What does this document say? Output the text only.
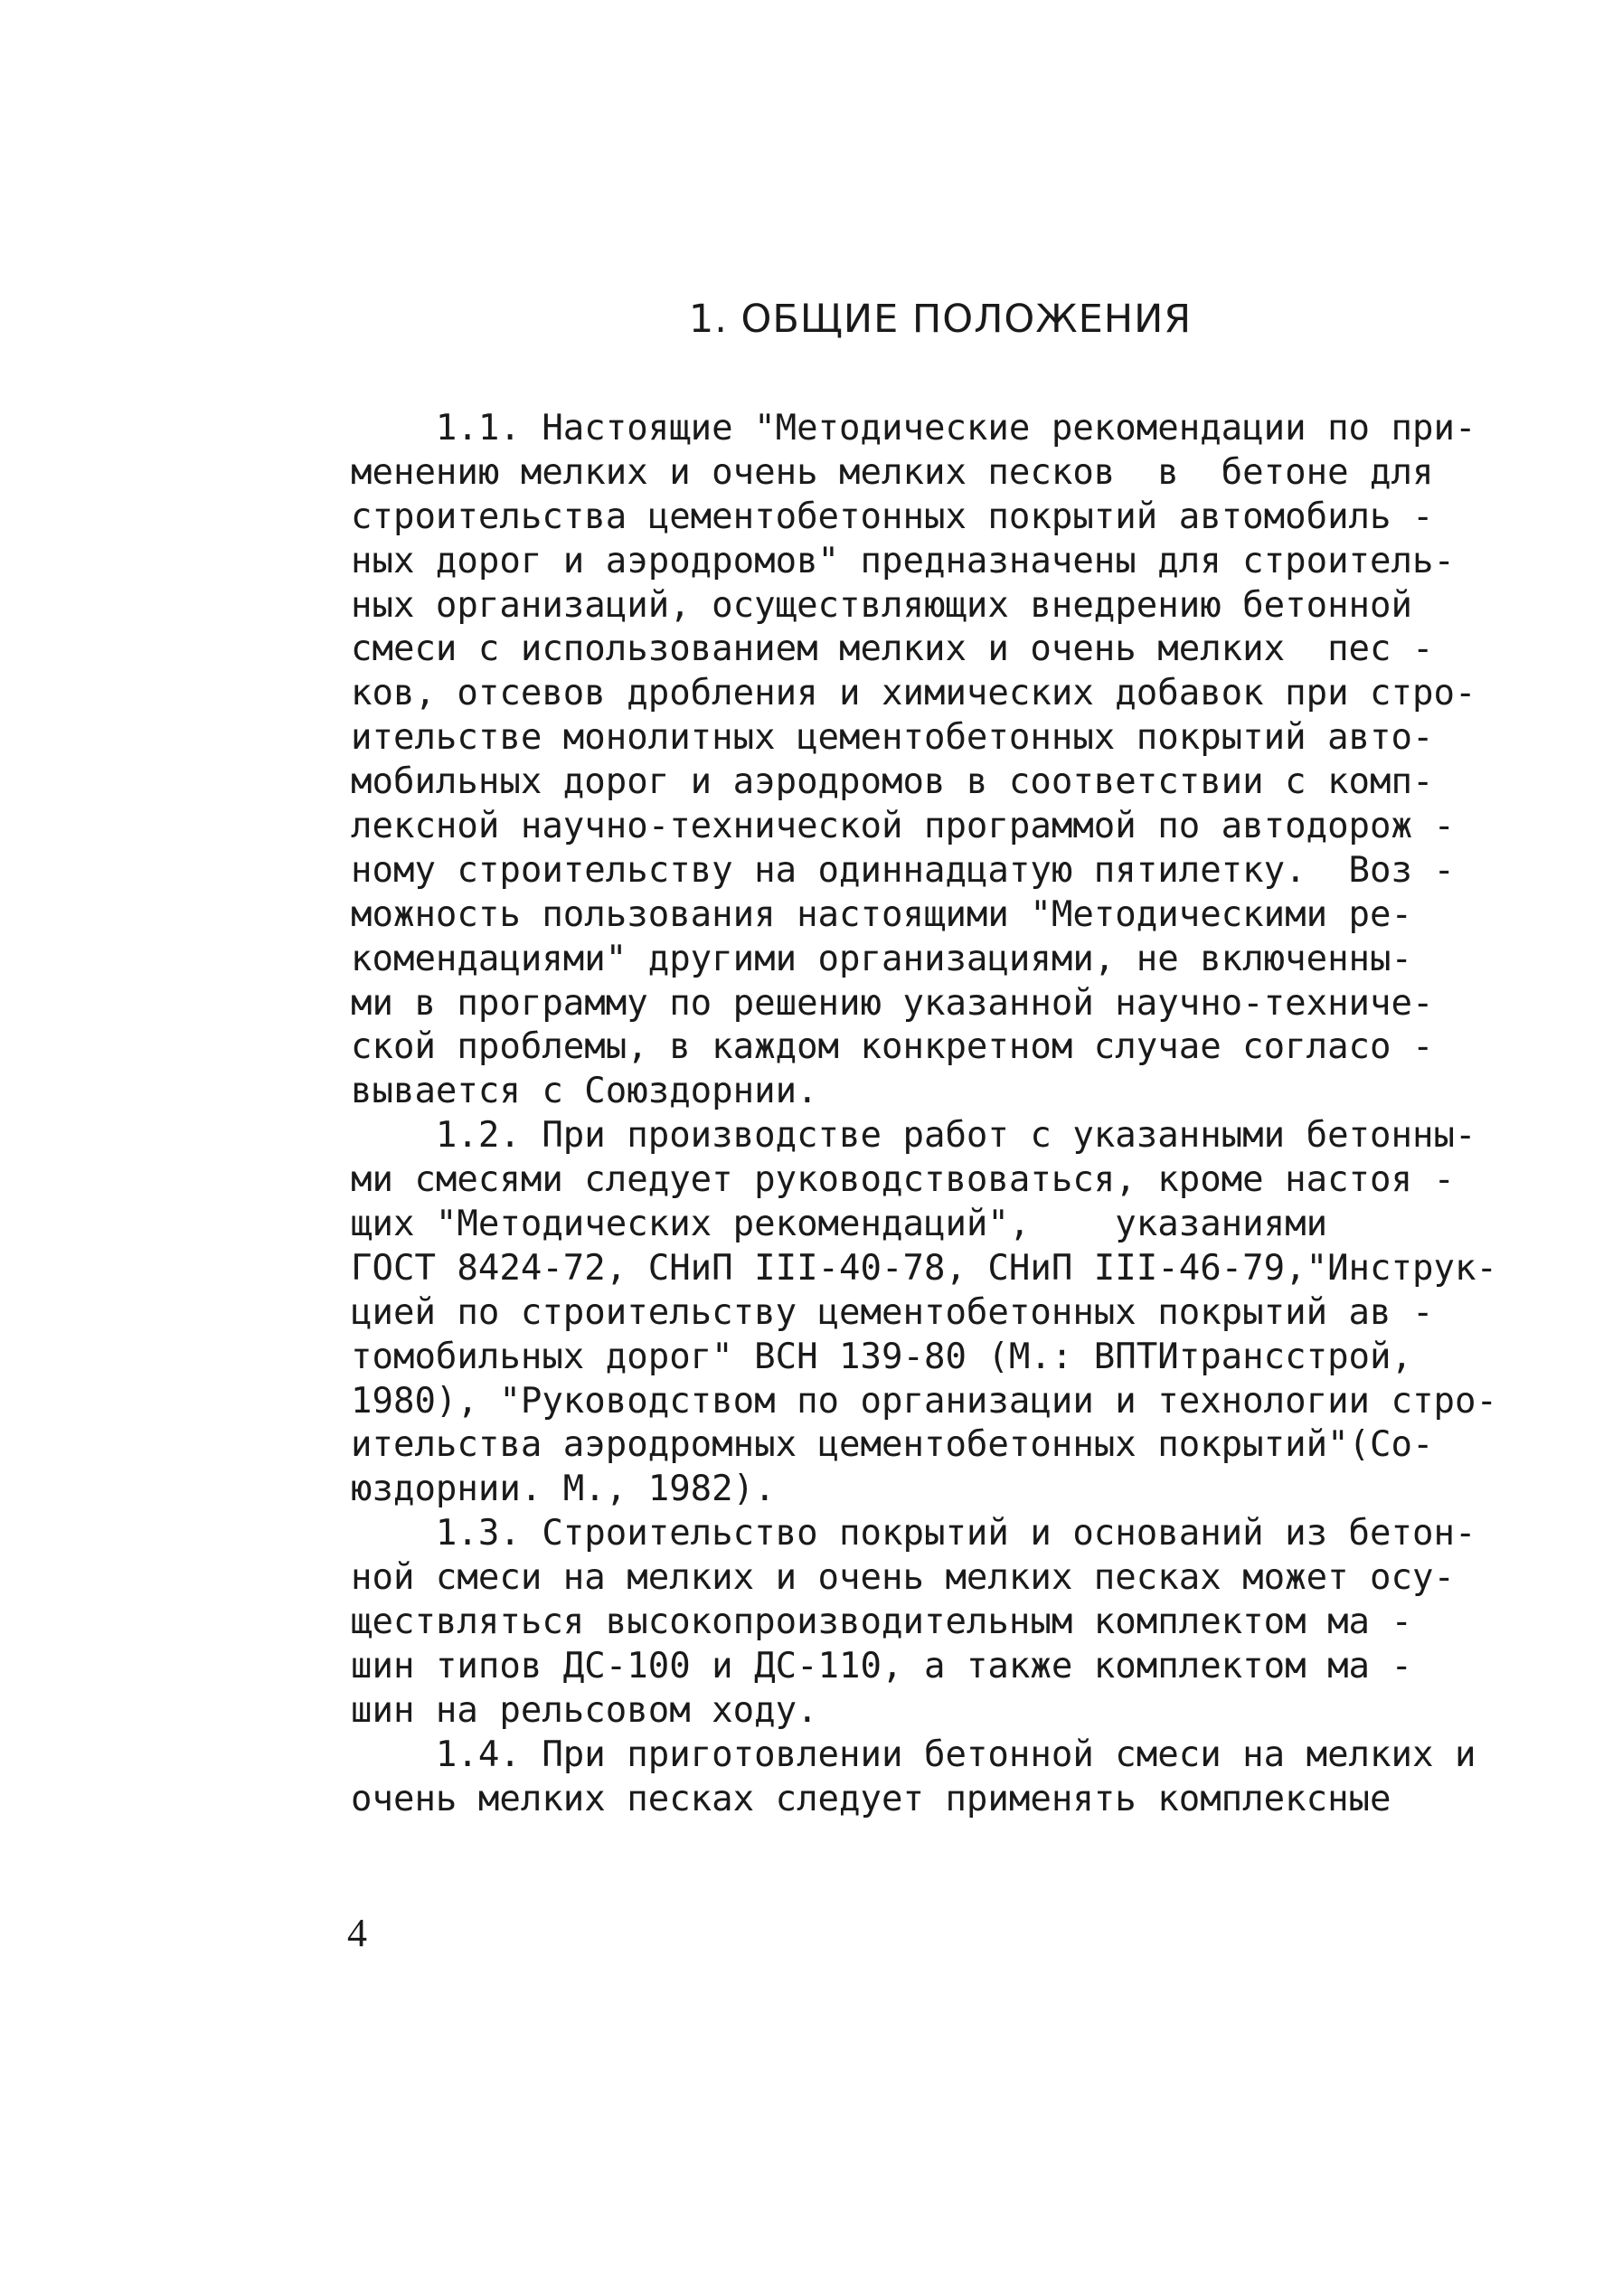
1. ОБЩИЕ ПОЛОЖЕНИЯ
1.1. Настоящие "Методические рекомендации по при-
менению мелких и очень мелких песков  в  бетоне для
строительства цементобетонных покрытий автомобиль -
ных дорог и аэродромов" предназначены для строитель-
ных организаций, осуществляющих внедрению бетонной
смеси с использованием мелких и очень мелких  пес -
ков, отсевов дробления и химических добавок при стро-
ительстве монолитных цементобетонных покрытий авто-
мобильных дорог и аэродромов в соответствии с комп-
лексной научно-технической программой по автодорож -
ному строительству на одиннадцатую пятилетку.  Воз -
можность пользования настоящими "Методическими ре-
комендациями" другими организациями, не включенны-
ми в программу по решению указанной научно-техниче-
ской проблемы, в каждом конкретном случае согласо -
вывается с Союздорнии.
1.2. При производстве работ с указанными бетонны-
ми смесями следует руководствоваться, кроме настоя -
щих "Методических рекомендаций",    указаниями
ГОСТ 8424-72, СНиП III-40-78, СНиП III-46-79,"Инструк-
цией по строительству цементобетонных покрытий ав -
томобильных дорог" ВСН 139-80 (М.: ВПТИтрансстрой,
1980), "Руководством по организации и технологии стро-
ительства аэродромных цементобетонных покрытий"(Со-
юздорнии. М., 1982).
1.3. Строительство покрытий и оснований из бетон-
ной смеси на мелких и очень мелких песках может осу-
ществляться высокопроизводительным комплектом ма -
шин типов ДС-100 и ДС-110, а также комплектом ма -
шин на рельсовом ходу.
1.4. При приготовлении бетонной смеси на мелких и
очень мелких песках следует применять комплексные
4
